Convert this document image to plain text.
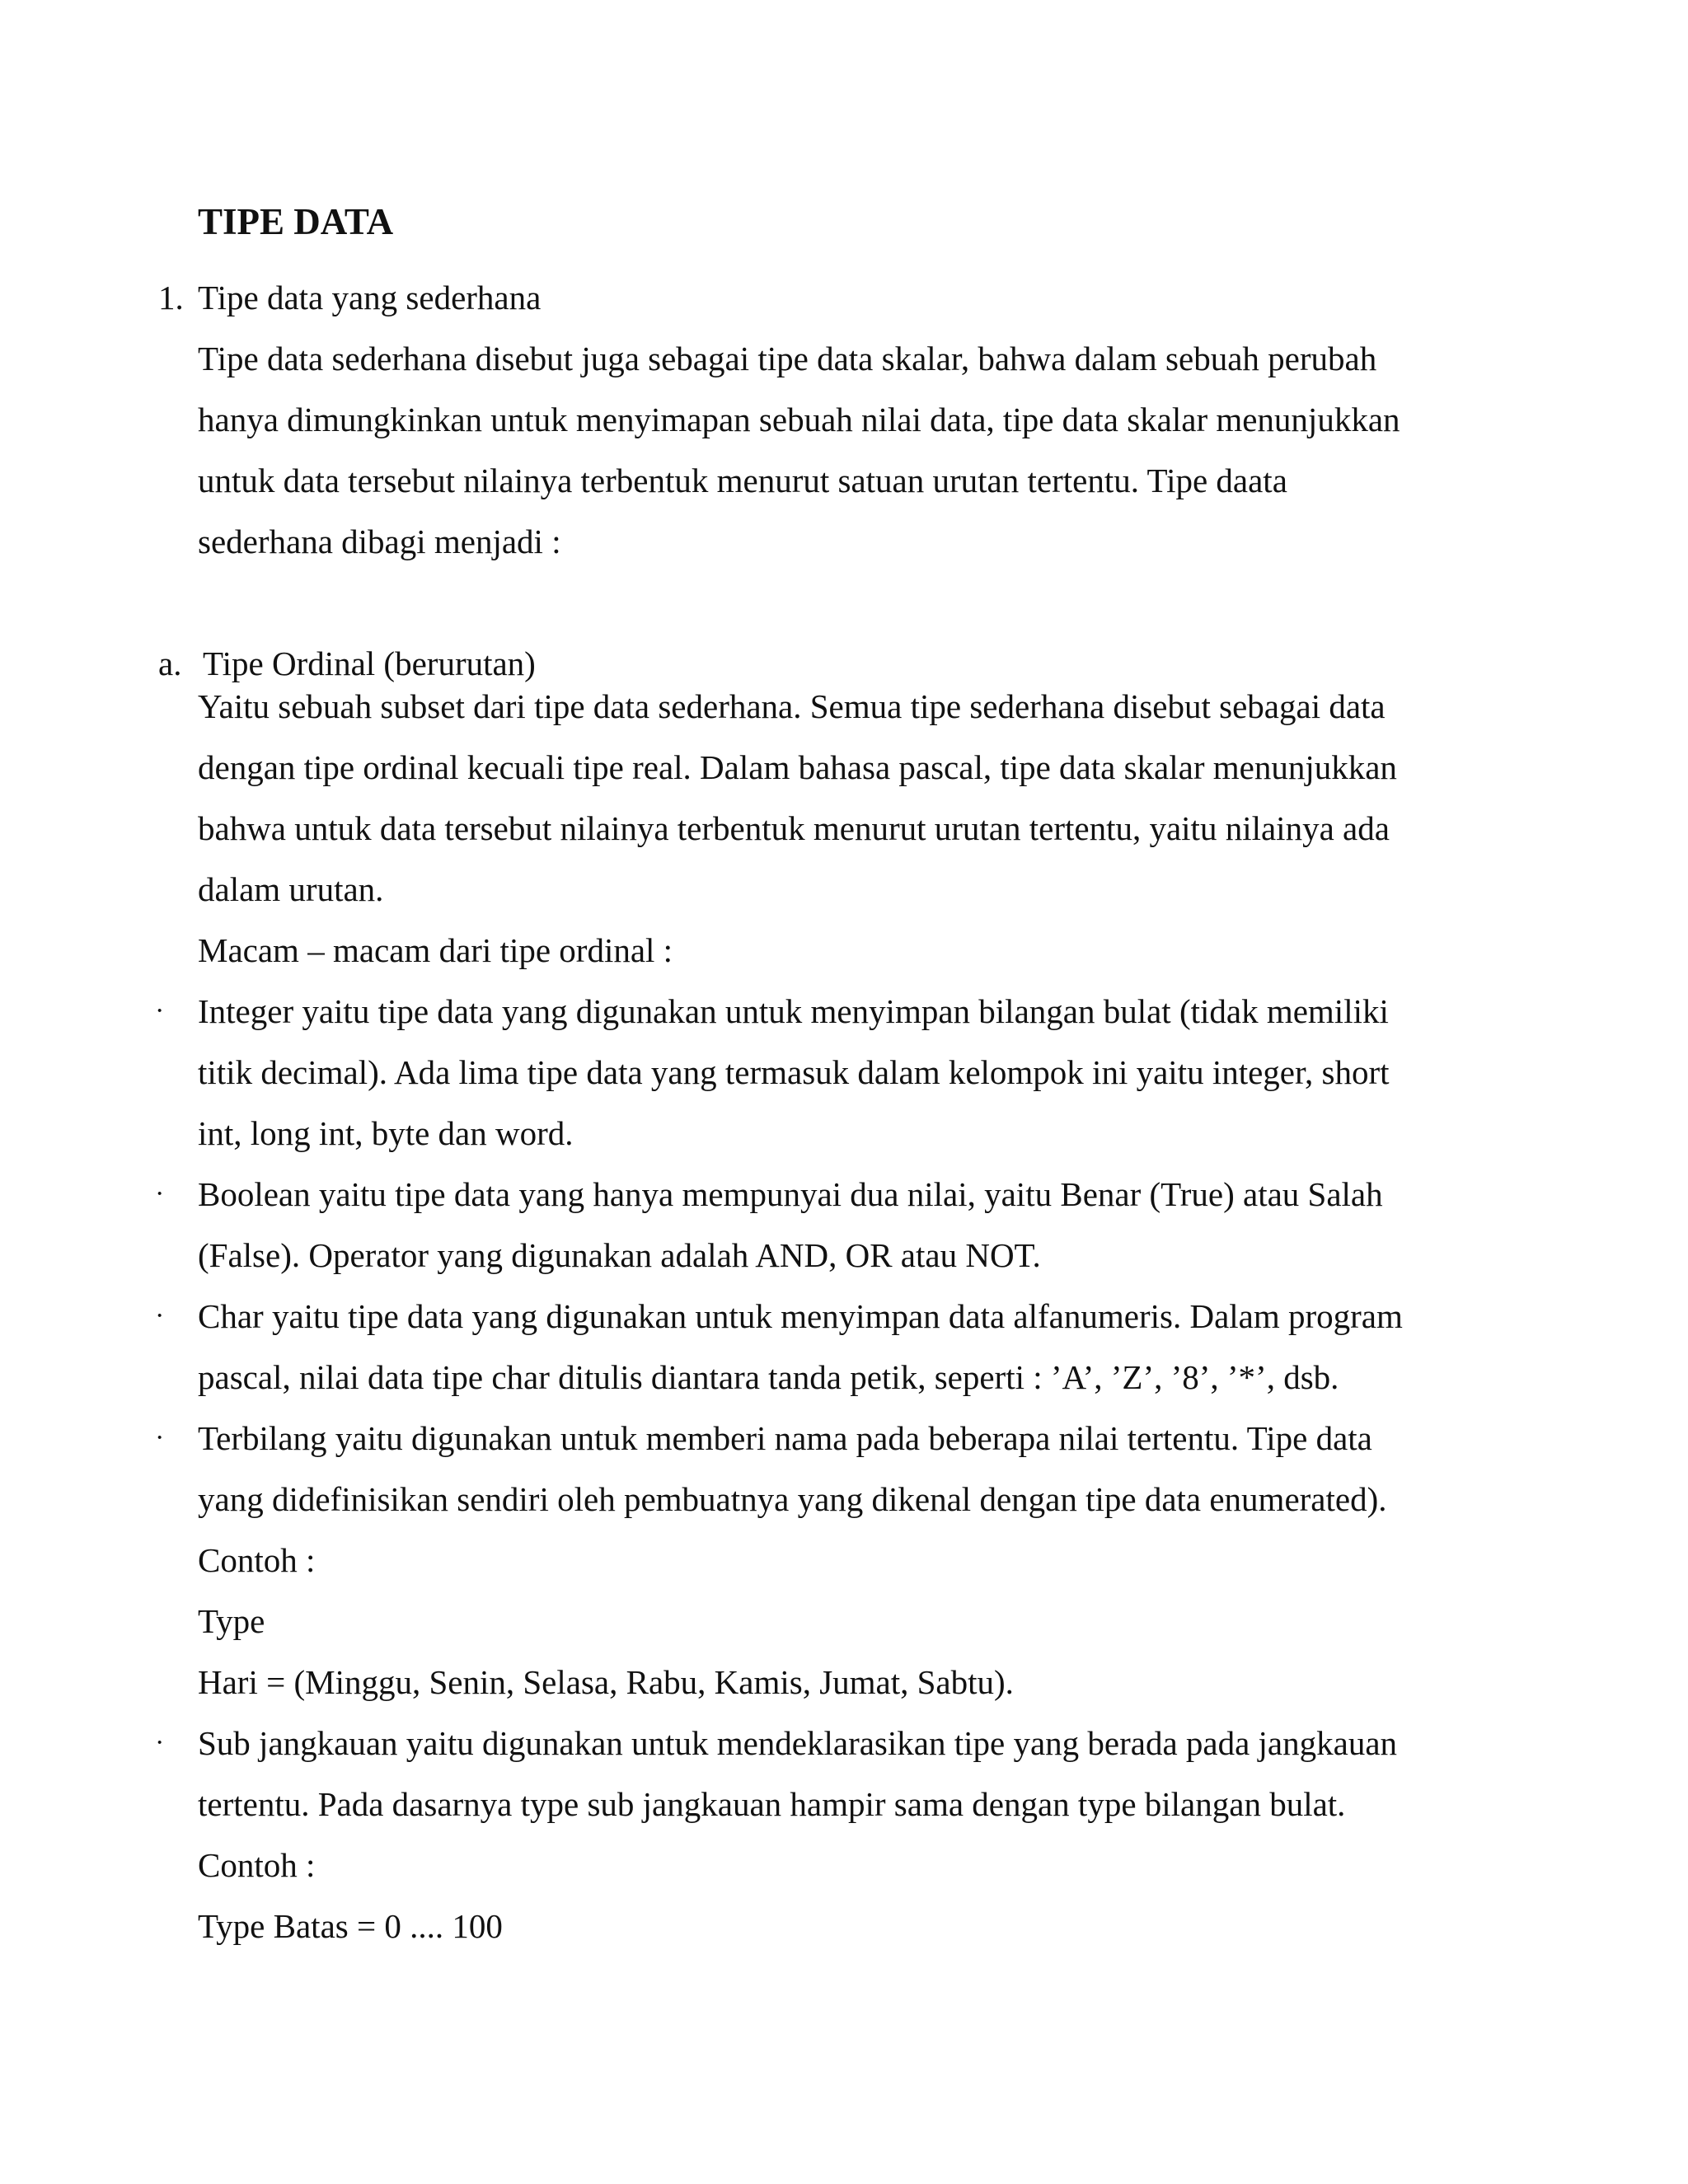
TIPE DATA
1. Tipe data yang sederhana
Tipe data sederhana disebut juga sebagai tipe data skalar, bahwa dalam sebuah perubah
hanya dimungkinkan untuk menyimapan sebuah nilai data, tipe data skalar menunjukkan
untuk data tersebut nilainya terbentuk menurut satuan urutan tertentu. Tipe daata
sederhana dibagi menjadi :
a. Tipe Ordinal (berurutan)
Yaitu sebuah subset dari tipe data sederhana. Semua tipe sederhana disebut sebagai data
dengan tipe ordinal kecuali tipe real. Dalam bahasa pascal, tipe data skalar menunjukkan
bahwa untuk data tersebut nilainya terbentuk menurut urutan tertentu, yaitu nilainya ada
dalam urutan.
Macam – macam dari tipe ordinal :
· Integer yaitu tipe data yang digunakan untuk menyimpan bilangan bulat (tidak memiliki
titik decimal). Ada lima tipe data yang termasuk dalam kelompok ini yaitu integer, short
int, long int, byte dan word.
· Boolean yaitu tipe data yang hanya mempunyai dua nilai, yaitu Benar (True) atau Salah
(False). Operator yang digunakan adalah AND, OR atau NOT.
· Char yaitu tipe data yang digunakan untuk menyimpan data alfanumeris. Dalam program
pascal, nilai data tipe char ditulis diantara tanda petik, seperti : ’A’, ’Z’, ’8’, ’*’, dsb.
· Terbilang yaitu digunakan untuk memberi nama pada beberapa nilai tertentu. Tipe data
yang didefinisikan sendiri oleh pembuatnya yang dikenal dengan tipe data enumerated).
Contoh :
Type
Hari = (Minggu, Senin, Selasa, Rabu, Kamis, Jumat, Sabtu).
· Sub jangkauan yaitu digunakan untuk mendeklarasikan tipe yang berada pada jangkauan
tertentu. Pada dasarnya type sub jangkauan hampir sama dengan type bilangan bulat.
Contoh :
Type Batas = 0 .... 100
